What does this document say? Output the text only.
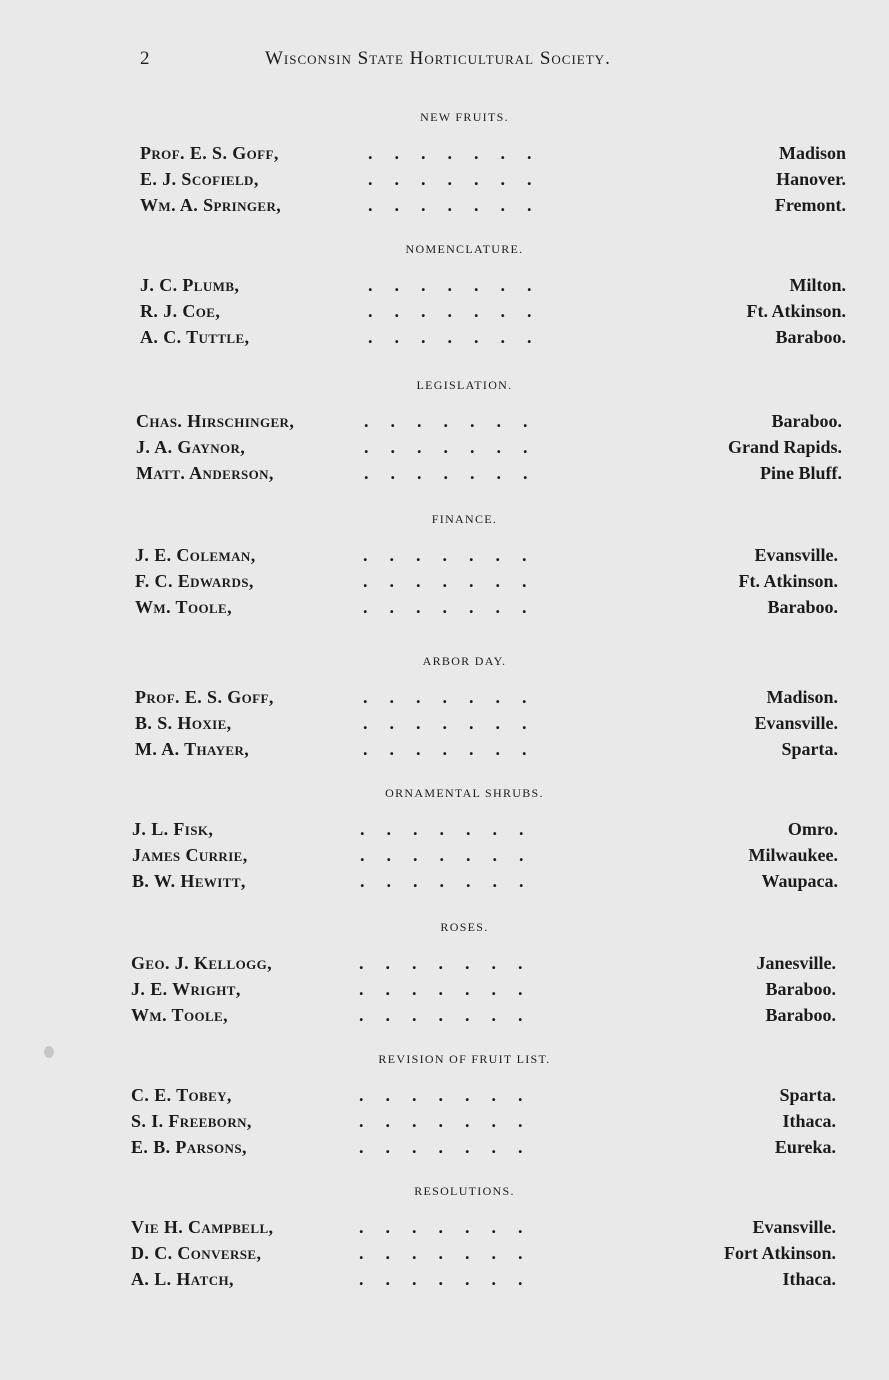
2	Wisconsin State Horticultural Society.
NEW FRUITS.
Prof. E. S. Goff,	.......	Madison
E. J. Scofield,	.......	Hanover.
Wm. A. Springer,	.......	Fremont.
NOMENCLATURE.
J. C. Plumb,	.......	Milton.
R. J. Coe,	.......	Ft. Atkinson.
A. C. Tuttle,	.......	Baraboo.
LEGISLATION.
Chas. Hirschinger,	.......	Baraboo.
J. A. Gaynor,	.......	Grand Rapids.
Matt. Anderson,	.......	Pine Bluff.
FINANCE.
J. E. Coleman,	.......	Evansville.
F. C. Edwards,	.......	Ft. Atkinson.
Wm. Toole,	.......	Baraboo.
ARBOR DAY.
Prof. E. S. Goff,	.......	Madison.
B. S. Hoxie,	.......	Evansville.
M. A. Thayer,	.......	Sparta.
ORNAMENTAL SHRUBS.
J. L. Fisk,	.......	Omro.
James Currie,	.......	Milwaukee.
B. W. Hewitt,	.......	Waupaca.
ROSES.
Geo. J. Kellogg,	.......	Janesville.
J. E. Wright,	.......	Baraboo.
Wm. Toole,	.......	Baraboo.
REVISION OF FRUIT LIST.
C. E. Tobey,	.......	Sparta.
S. I. Freeborn,	.......	Ithaca.
E. B. Parsons,	.......	Eureka.
RESOLUTIONS.
Vie H. Campbell,	.......	Evansville.
D. C. Converse,	.......	Fort Atkinson.
A. L. Hatch,	.......	Ithaca.
